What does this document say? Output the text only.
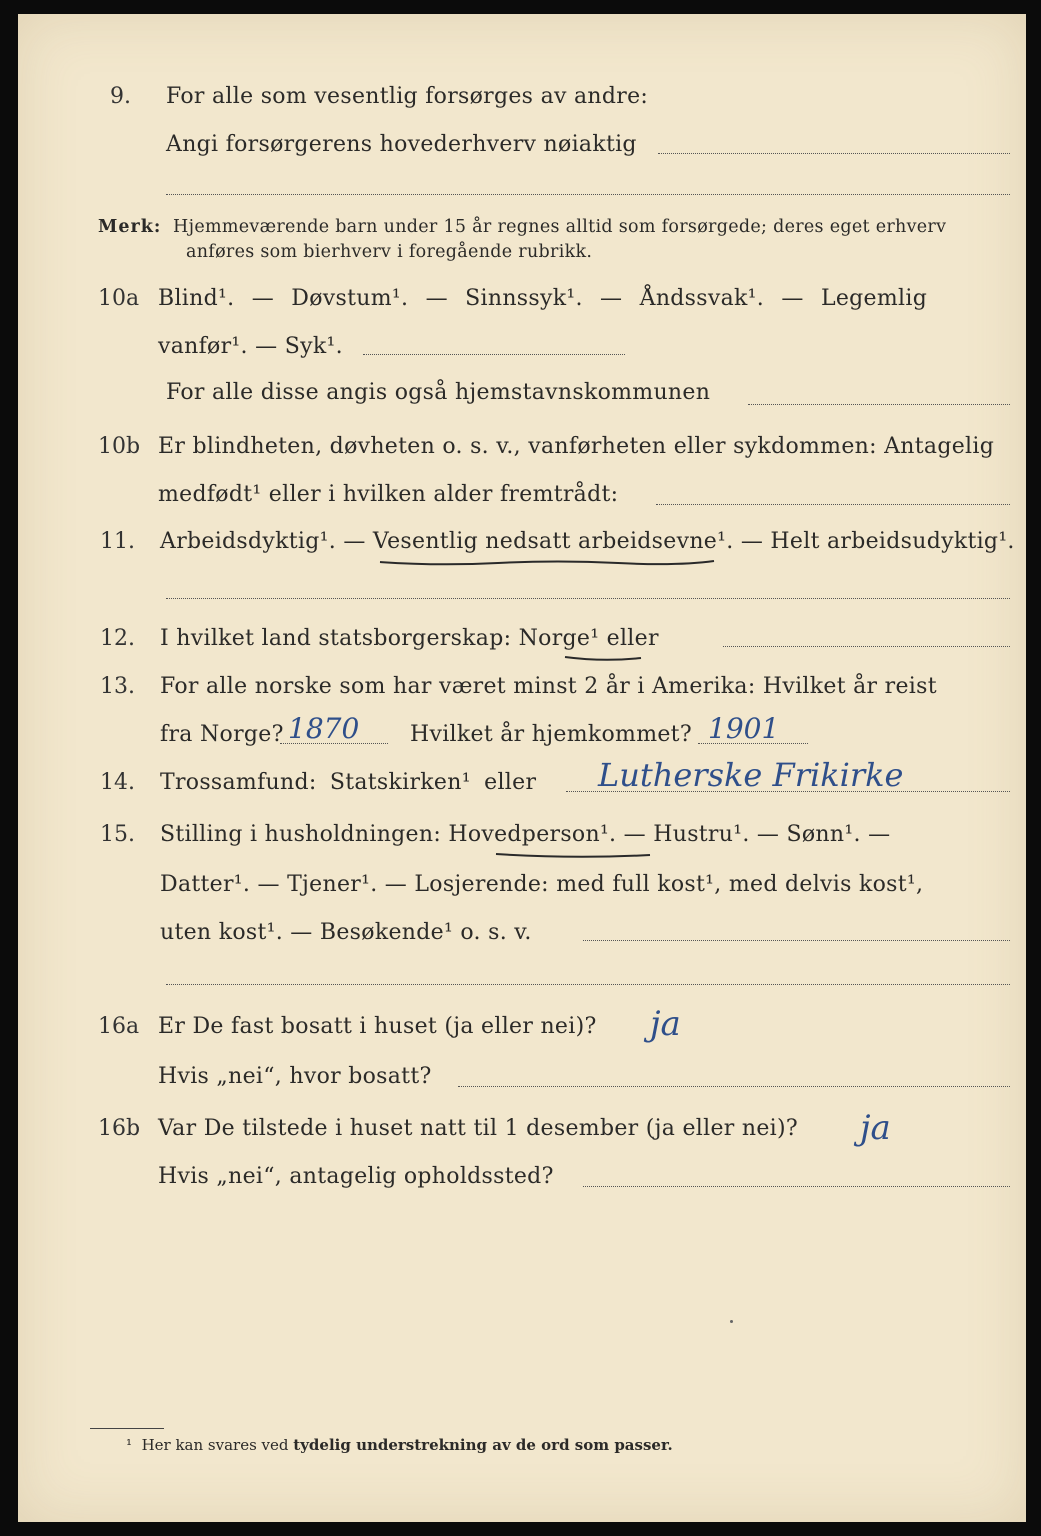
9. For alle som vesentlig forsørges av andre:
Angi forsørgerens hovederhverv nøiaktig
Merk: Hjemmeværende barn under 15 år regnes alltid som forsørgede; deres eget erhverv
anføres som bierhverv i foregående rubrikk.
10a Blind¹. — Døvstum¹. — Sinnssyk¹. — Åndssvak¹. — Legemlig
vanfør¹. — Syk¹.
For alle disse angis også hjemstavnskommunen
10b Er blindheten, døvheten o. s. v., vanførheten eller sykdommen: Antagelig
medfødt¹ eller i hvilken alder fremtrådt:
11. Arbeidsdyktig¹. — Vesentlig nedsatt arbeidsevne¹. — Helt arbeidsudyktig¹.
12. I hvilket land statsborgerskap: Norge¹ eller
13. For alle norske som har været minst 2 år i Amerika: Hvilket år reist
fra Norge? 1870 Hvilket år hjemkommet? 1901
14. Trossamfund: Statskirken¹ eller Lutherske Frikirke
15. Stilling i husholdningen: Hovedperson¹. — Hustru¹. — Sønn¹. —
Datter¹. — Tjener¹. — Losjerende: med full kost¹, med delvis kost¹,
uten kost¹. — Besøkende¹ o. s. v.
16a Er De fast bosatt i huset (ja eller nei)? ja
Hvis „nei“, hvor bosatt?
16b Var De tilstede i huset natt til 1 desember (ja eller nei)? ja
Hvis „nei“, antagelig opholdssted?
¹ Her kan svares ved tydelig understrekning av de ord som passer.
